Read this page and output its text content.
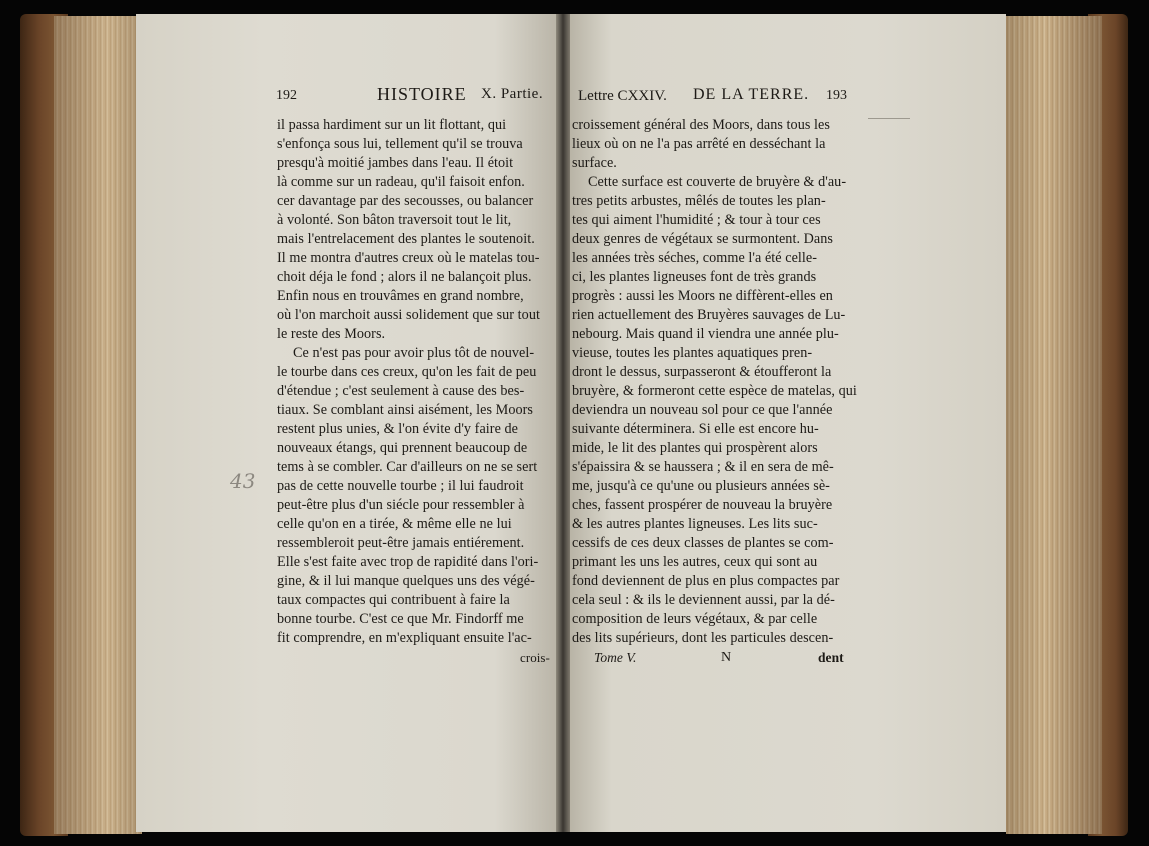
192	HISTOIRE X. Partie.
il passa hardiment sur un lit flottant, qui
s'enfonça sous lui, tellement qu'il se trouva
presqu'à moitié jambes dans l'eau. Il étoit
là comme sur un radeau, qu'il faisoit enfon.
cer davantage par des secousses, ou balancer
à volonté. Son bâton traversoit tout le lit,
mais l'entrelacement des plantes le soutenoit.
Il me montra d'autres creux où le matelas tou-
choit déja le fond ; alors il ne balançoit plus.
Enfin nous en trouvâmes en grand nombre,
où l'on marchoit aussi solidement que sur tout
le reste des Moors.
Ce n'est pas pour avoir plus tôt de nouvel-
le tourbe dans ces creux, qu'on les fait de peu
d'étendue ; c'est seulement à cause des bes-
tiaux. Se comblant ainsi aisément, les Moors
restent plus unies, & l'on évite d'y faire de
nouveaux étangs, qui prennent beaucoup de
tems à se combler. Car d'ailleurs on ne se sert
pas de cette nouvelle tourbe ; il lui faudroit
peut-être plus d'un siécle pour ressembler à
celle qu'on en a tirée, & même elle ne lui
ressembleroit peut-être jamais entiérement.
Elle s'est faite avec trop de rapidité dans l'ori-
gine, & il lui manque quelques uns des végé-
taux compactes qui contribuent à faire la
bonne tourbe. C'est ce que Mr. Findorff me
fit comprendre, en m'expliquant ensuite l'ac-
crois-
43
Lettre CXXIV. DE LA TERRE. 193
croissement général des Moors, dans tous les
lieux où on ne l'a pas arrêté en desséchant la
surface.
Cette surface est couverte de bruyère & d'au-
tres petits arbustes, mêlés de toutes les plan-
tes qui aiment l'humidité ; & tour à tour ces
deux genres de végétaux se surmontent. Dans
les années très séches, comme l'a été celle-
ci, les plantes ligneuses font de très grands
progrès : aussi les Moors ne diffèrent-elles en
rien actuellement des Bruyères sauvages de Lu-
nebourg. Mais quand il viendra une année plu-
vieuse, toutes les plantes aquatiques pren-
dront le dessus, surpasseront & étoufferont la
bruyère, & formeront cette espèce de matelas, qui
deviendra un nouveau sol pour ce que l'année
suivante déterminera. Si elle est encore hu-
mide, le lit des plantes qui prospèrent alors
s'épaissira & se haussera ; & il en sera de mê-
me, jusqu'à ce qu'une ou plusieurs années sè-
ches, fassent prospérer de nouveau la bruyère
& les autres plantes ligneuses. Les lits suc-
cessifs de ces deux classes de plantes se com-
primant les uns les autres, ceux qui sont au
fond deviennent de plus en plus compactes par
cela seul : & ils le deviennent aussi, par la dé-
composition de leurs végétaux, & par celle
des lits supérieurs, dont les particules descen-
Tome V.	N	dent
